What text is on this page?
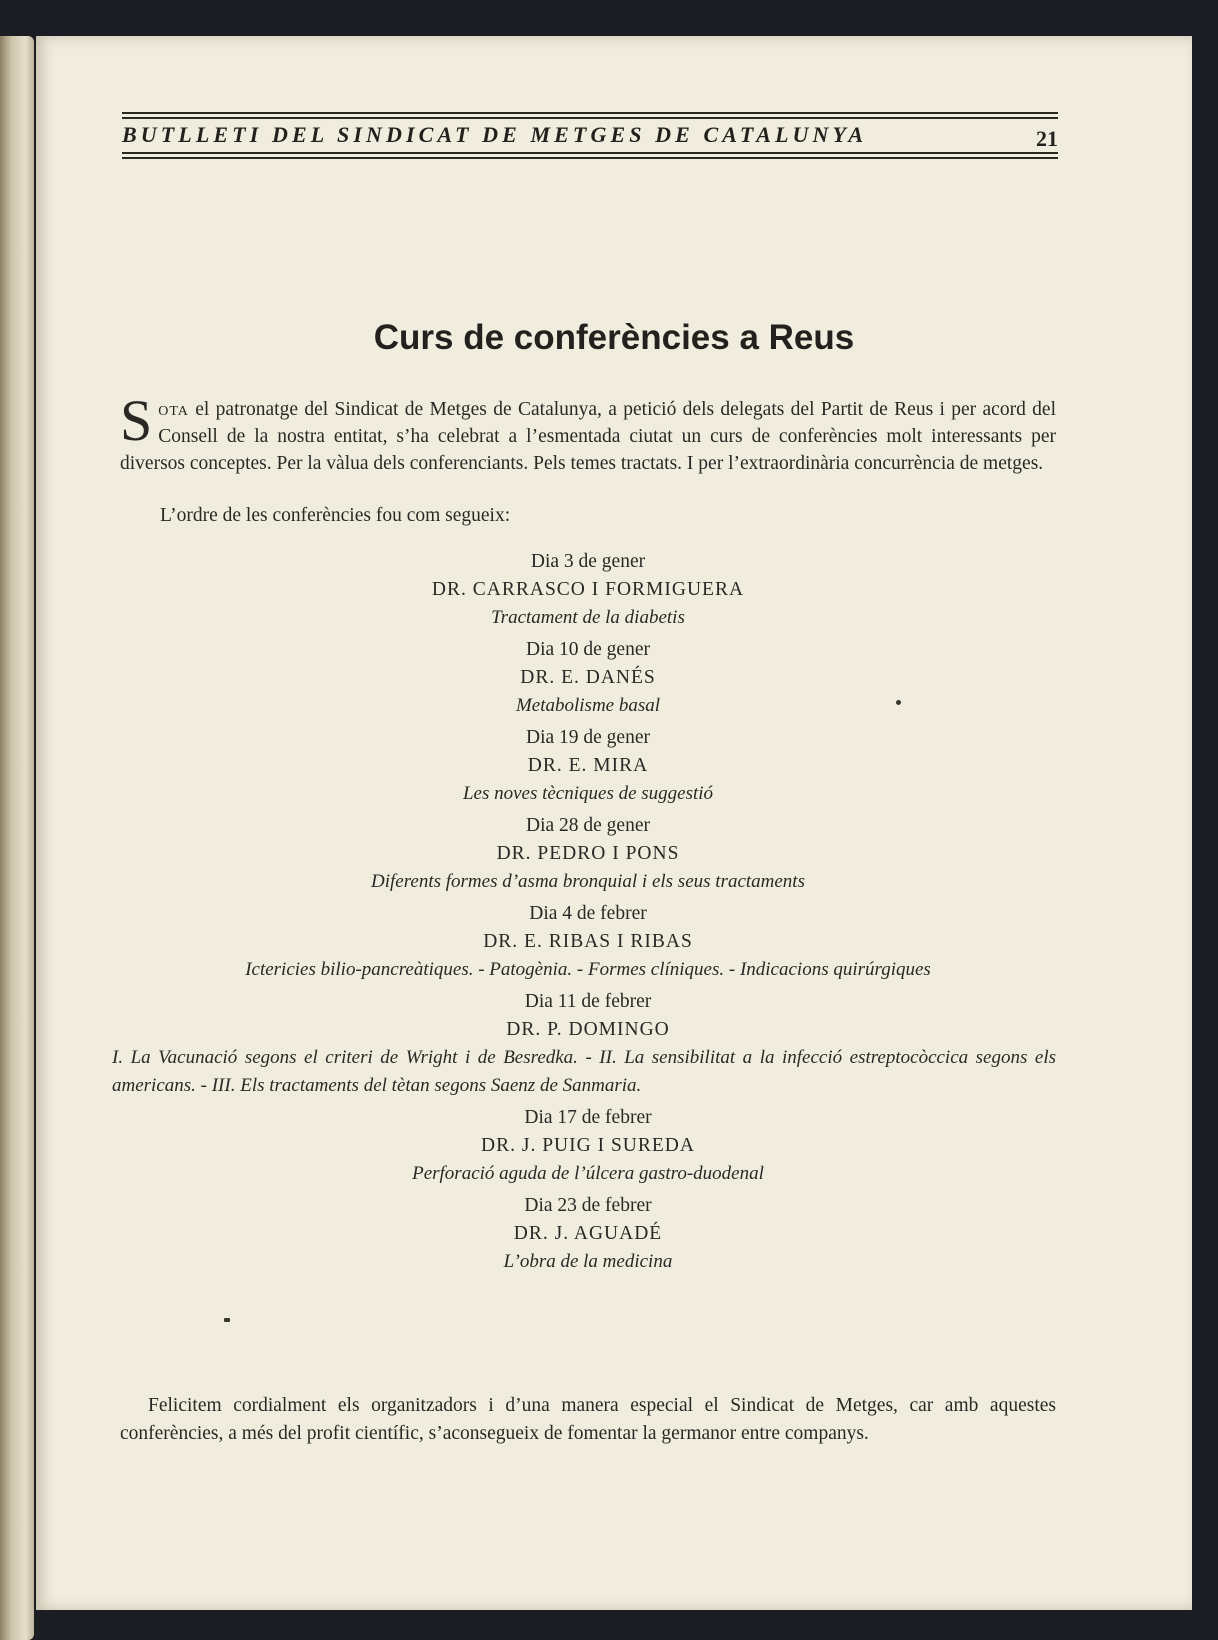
BUTLLETI DEL SINDICAT DE METGES DE CATALUNYA	21
Curs de conferències a Reus

Sota el patronatge del Sindicat de Metges de Catalunya, a petició dels delegats del Partit de Reus i per acord del Consell de la nostra entitat, s’ha celebrat a l’esmentada ciutat un curs de conferències molt interessants per diversos conceptes. Per la vàlua dels conferenciants. Pels temes tractats. I per l’extraordinària concurrència de metges.

L’ordre de les conferències fou com segueix:

Dia 3 de gener
DR. CARRASCO I FORMIGUERA
Tractament de la diabetis
Dia 10 de gener
DR. E. DANÉS
Metabolisme basal
Dia 19 de gener
DR. E. MIRA
Les noves tècniques de suggestió
Dia 28 de gener
DR. PEDRO I PONS
Diferents formes d’asma bronquial i els seus tractaments
Dia 4 de febrer
DR. E. RIBAS I RIBAS
Ictericies bilio-pancreàtiques. - Patogènia. - Formes clíniques. - Indicacions quirúrgiques
Dia 11 de febrer
DR. P. DOMINGO
I. La Vacunació segons el criteri de Wright i de Besredka. - II. La sensibilitat a la infecció estreptocòccica segons els americans. - III. Els tractaments del tètan segons Saenz de Sanmaria.
Dia 17 de febrer
DR. J. PUIG I SUREDA
Perforació aguda de l’úlcera gastro-duodenal
Dia 23 de febrer
DR. J. AGUADÉ
L’obra de la medicina

Felicitem cordialment els organitzadors i d’una manera especial el Sindicat de Metges, car amb aquestes conferències, a més del profit científic, s’aconsegueix de fomentar la germanor entre companys.
